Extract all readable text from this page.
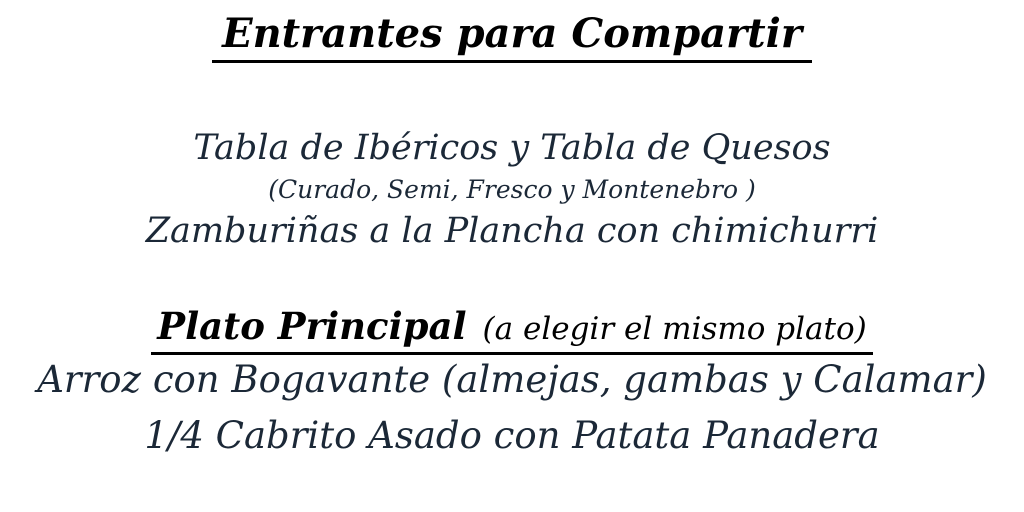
Entrantes para Compartir
Tabla de Ibéricos y Tabla de Quesos
(Curado, Semi, Fresco y Montenebro )
Zamburiñas a la Plancha con chimichurri
Plato Principal (a elegir el mismo plato)
Arroz con Bogavante (almejas, gambas y Calamar)
1/4 Cabrito Asado con Patata Panadera
